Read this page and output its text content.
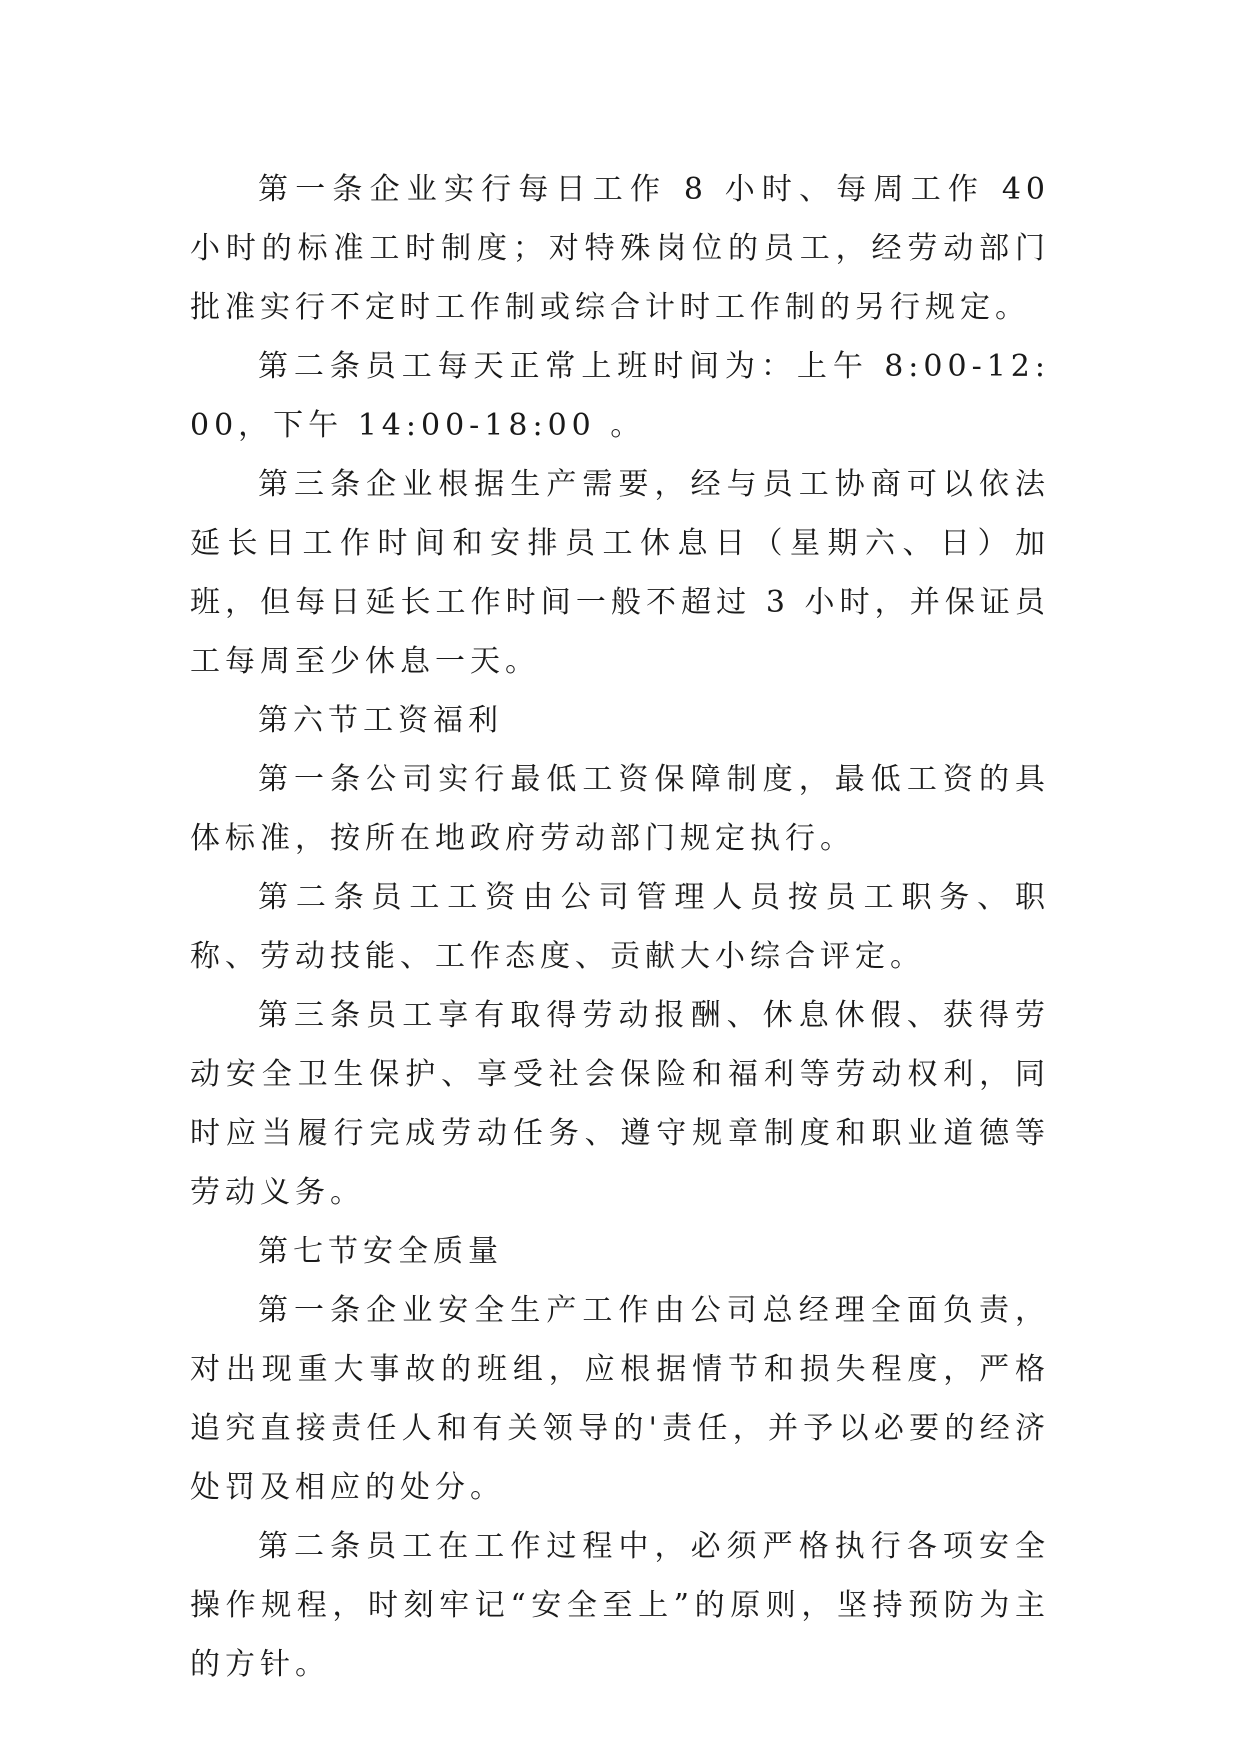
第一条企业实行每日工作 8 小时、每周工作 40 小时的标准工时制度；对特殊岗位的员工，经劳动部门批准实行不定时工作制或综合计时工作制的另行规定。

第二条员工每天正常上班时间为：上午 8:00-12:00，下午 14:00-18:00 。

第三条企业根据生产需要，经与员工协商可以依法延长日工作时间和安排员工休息日（星期六、日）加班，但每日延长工作时间一般不超过 3 小时，并保证员工每周至少休息一天。

第六节工资福利

第一条公司实行最低工资保障制度，最低工资的具体标准，按所在地政府劳动部门规定执行。

第二条员工工资由公司管理人员按员工职务、职称、劳动技能、工作态度、贡献大小综合评定。

第三条员工享有取得劳动报酬、休息休假、获得劳动安全卫生保护、享受社会保险和福利等劳动权利，同时应当履行完成劳动任务、遵守规章制度和职业道德等劳动义务。

第七节安全质量

第一条企业安全生产工作由公司总经理全面负责，对出现重大事故的班组，应根据情节和损失程度，严格追究直接责任人和有关领导的'责任，并予以必要的经济处罚及相应的处分。

第二条员工在工作过程中，必须严格执行各项安全操作规程，时刻牢记“安全至上”的原则，坚持预防为主的方针。
